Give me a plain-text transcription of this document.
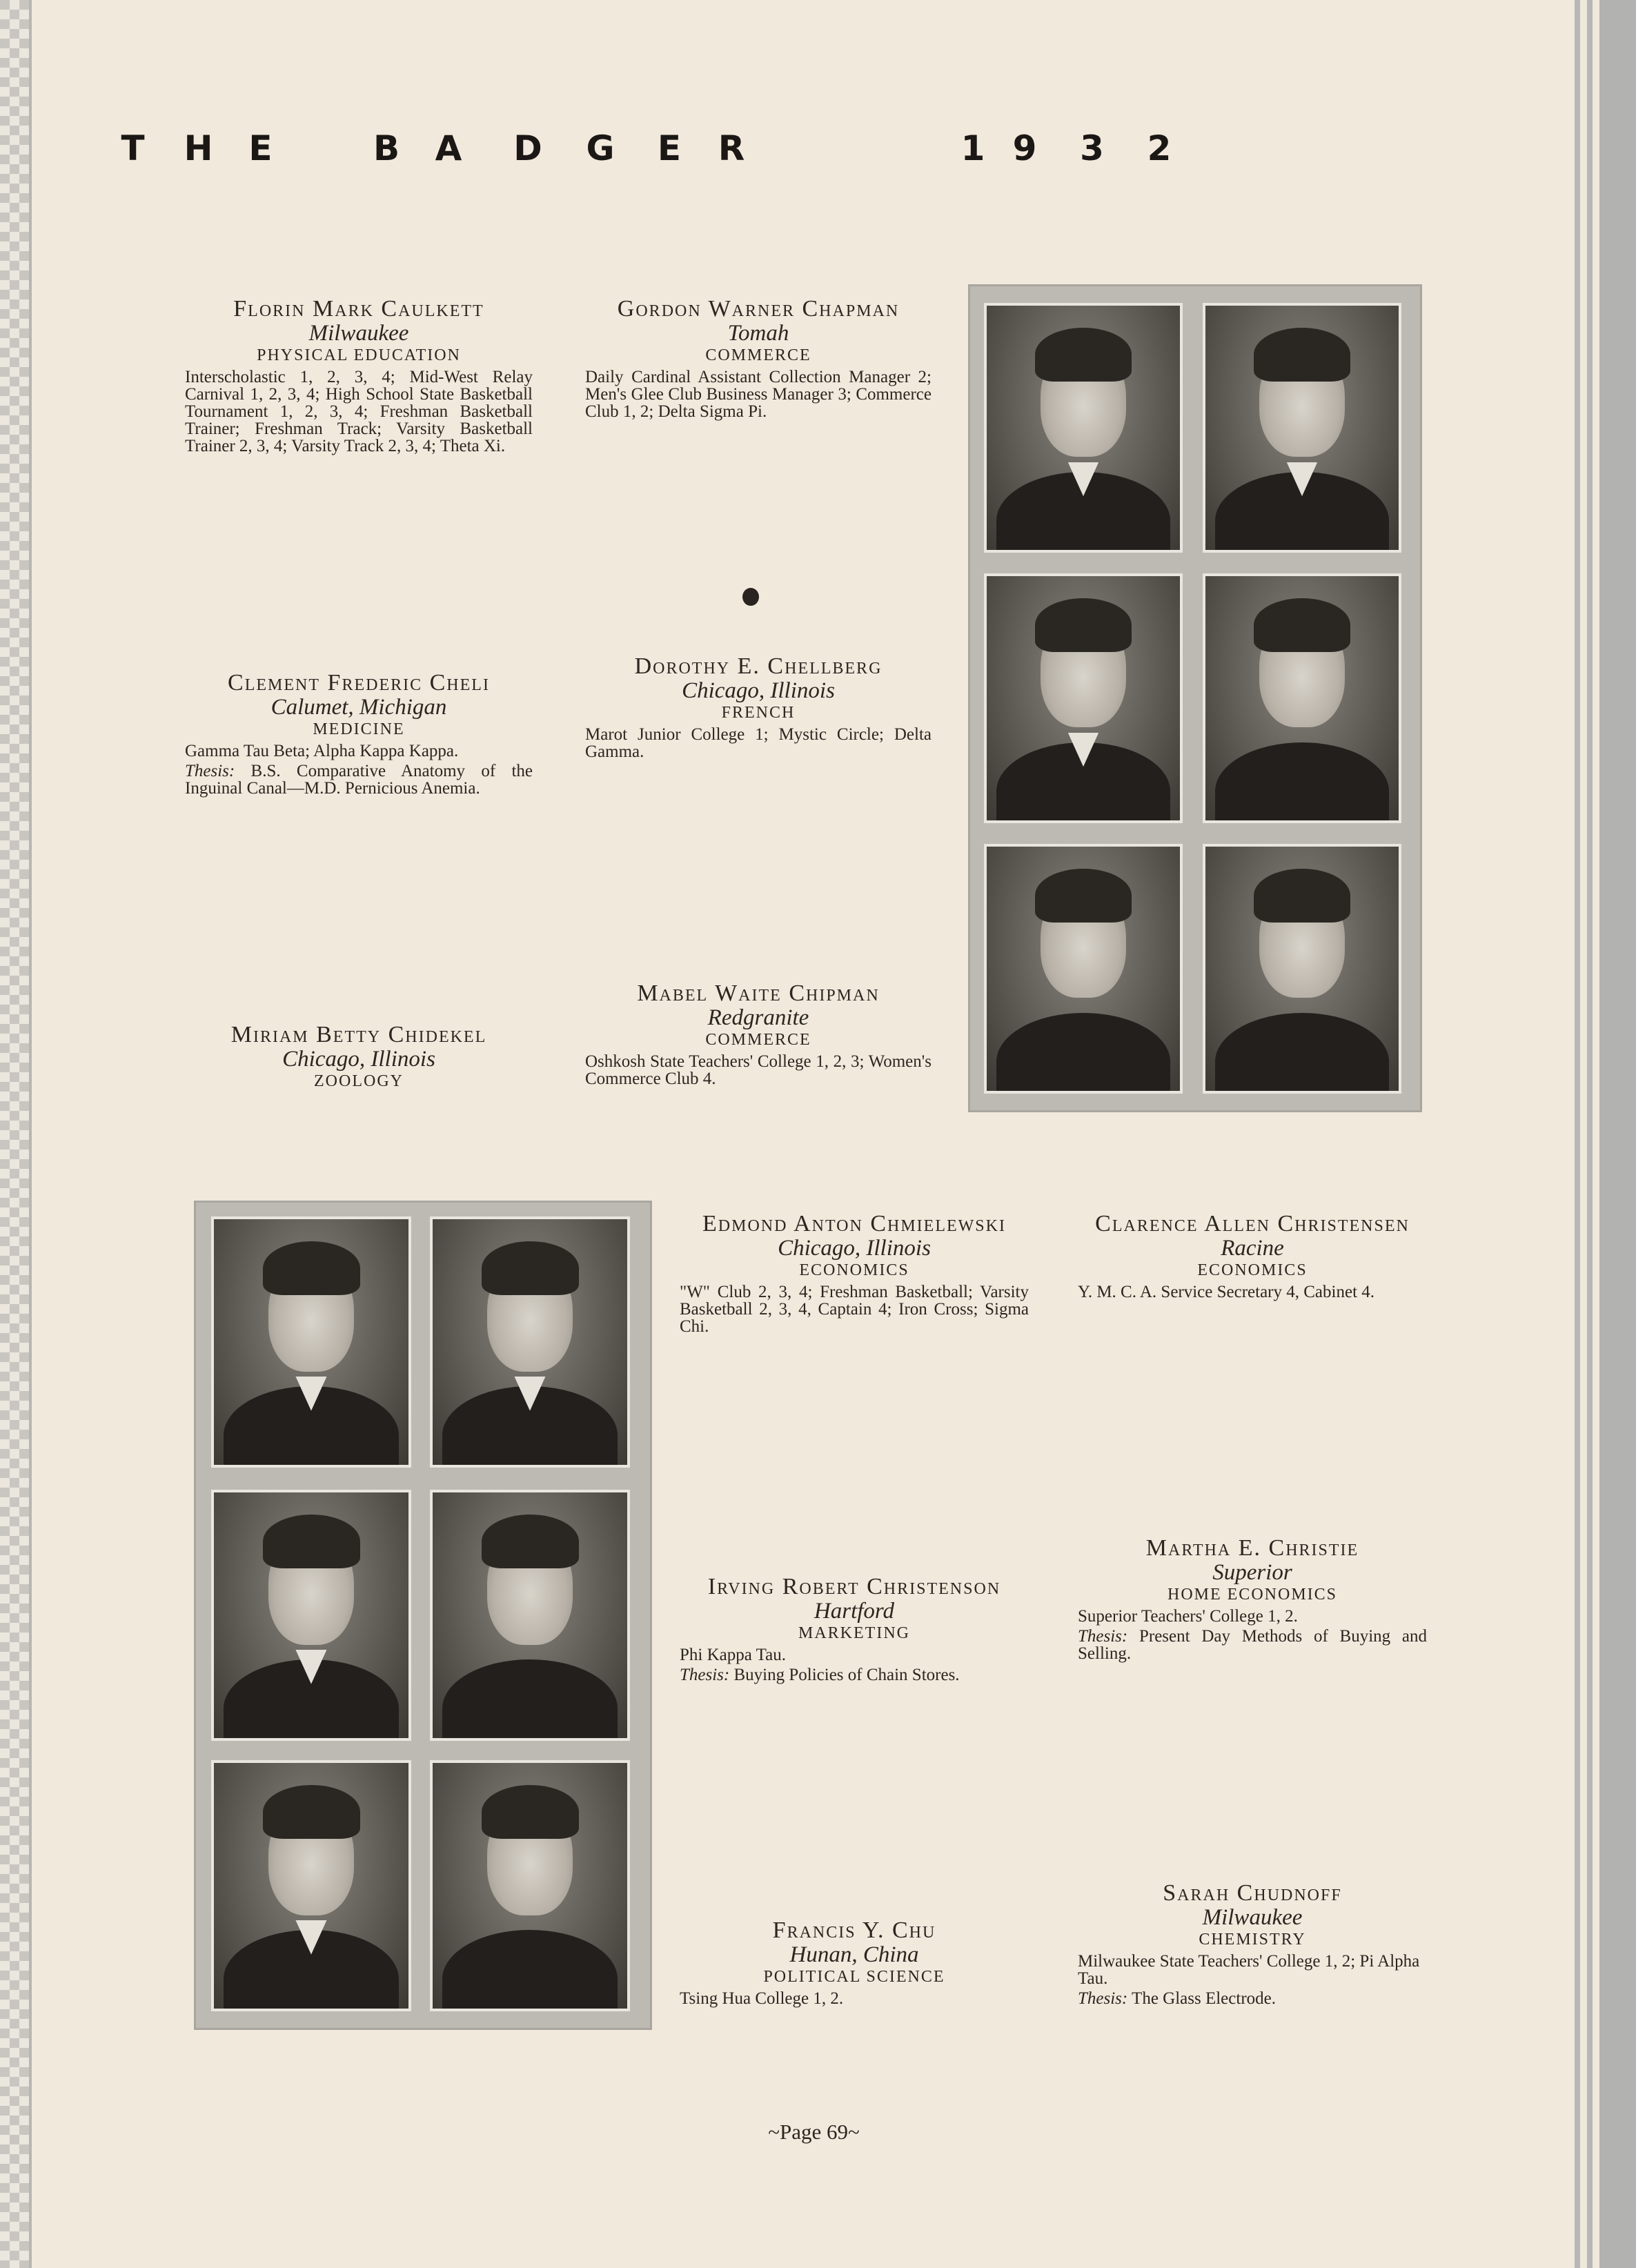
T	H	E	B	A	D	G	E	R	1 9	3	2
Florin Mark Caulkett
Milwaukee
PHYSICAL EDUCATION
Interscholastic 1, 2, 3, 4; Mid-West Relay Carnival 1, 2, 3, 4; High School State Basketball Tournament 1, 2, 3, 4; Freshman Basketball Trainer; Freshman Track; Varsity Basketball Trainer 2, 3, 4; Varsity Track 2, 3, 4; Theta Xi.
Gordon Warner Chapman
Tomah
COMMERCE
Daily Cardinal Assistant Collection Manager 2; Men's Glee Club Business Manager 3; Commerce Club 1, 2; Delta Sigma Pi.
Clement Frederic Cheli
Calumet, Michigan
MEDICINE
Gamma Tau Beta; Alpha Kappa Kappa.
Thesis: B.S. Comparative Anatomy of the Inguinal Canal—M.D. Pernicious Anemia.
Dorothy E. Chellberg
Chicago, Illinois
FRENCH
Marot Junior College 1; Mystic Circle; Delta Gamma.
Miriam Betty Chidekel
Chicago, Illinois
ZOOLOGY
Mabel Waite Chipman
Redgranite
COMMERCE
Oshkosh State Teachers' College 1, 2, 3; Women's Commerce Club 4.
Edmond Anton Chmielewski
Chicago, Illinois
ECONOMICS
"W" Club 2, 3, 4; Freshman Basketball; Varsity Basketball 2, 3, 4, Captain 4; Iron Cross; Sigma Chi.
Clarence Allen Christensen
Racine
ECONOMICS
Y. M. C. A. Service Secretary 4, Cabinet 4.
Irving Robert Christenson
Hartford
MARKETING
Phi Kappa Tau.
Thesis: Buying Policies of Chain Stores.
Martha E. Christie
Superior
HOME ECONOMICS
Superior Teachers' College 1, 2.
Thesis: Present Day Methods of Buying and Selling.
Francis Y. Chu
Hunan, China
POLITICAL SCIENCE
Tsing Hua College 1, 2.
Sarah Chudnoff
Milwaukee
CHEMISTRY
Milwaukee State Teachers' College 1, 2; Pi Alpha Tau.
Thesis: The Glass Electrode.
~Page 69~
